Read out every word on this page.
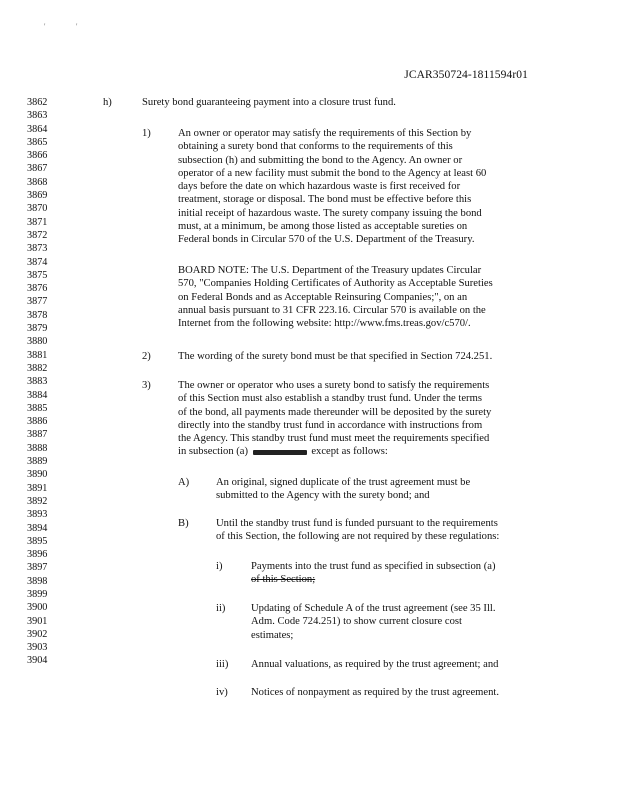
'	'
JCAR350724-1811594r01
3862
3863
3864
3865
3866
3867
3868
3869
3870
3871
3872
3873
3874
3875
3876
3877
3878
3879
3880
3881
3882
3883
3884
3885
3886
3887
3888
3889
3890
3891
3892
3893
3894
3895
3896
3897
3898
3899
3900
3901
3902
3903
3904
h)	Surety bond guaranteeing payment into a closure trust fund.
1)	An owner or operator may satisfy the requirements of this Section by
obtaining a surety bond that conforms to the requirements of this
subsection (h) and submitting the bond to the Agency. An owner or
operator of a new facility must submit the bond to the Agency at least 60
days before the date on which hazardous waste is first received for
treatment, storage or disposal. The bond must be effective before this
initial receipt of hazardous waste. The surety company issuing the bond
must, at a minimum, be among those listed as acceptable sureties on
Federal bonds in Circular 570 of the U.S. Department of the Treasury.
BOARD NOTE: The U.S. Department of the Treasury updates Circular
570, "Companies Holding Certificates of Authority as Acceptable Sureties
on Federal Bonds and as Acceptable Reinsuring Companies;", on an
annual basis pursuant to 31 CFR 223.16. Circular 570 is available on the
Internet from the following website: http://www.fms.treas.gov/c570/.
2)	The wording of the surety bond must be that specified in Section 724.251.
3)	The owner or operator who uses a surety bond to satisfy the requirements
of this Section must also establish a standby trust fund. Under the terms
of the bond, all payments made thereunder will be deposited by the surety
directly into the standby trust fund in accordance with instructions from
the Agency. This standby trust fund must meet the requirements specified
in subsection (a)	except as follows:
A)	An original, signed duplicate of the trust agreement must be
submitted to the Agency with the surety bond; and
B)	Until the standby trust fund is funded pursuant to the requirements
of this Section, the following are not required by these regulations:
i)	Payments into the trust fund as specified in subsection (a)
of this Section;
ii) Updating of Schedule A of the trust agreement (see 35 Ill.
Adm. Code 724.251) to show current closure cost
estimates;
iii) Annual valuations, as required by the trust agreement; and
iv) Notices of nonpayment as required by the trust agreement.
